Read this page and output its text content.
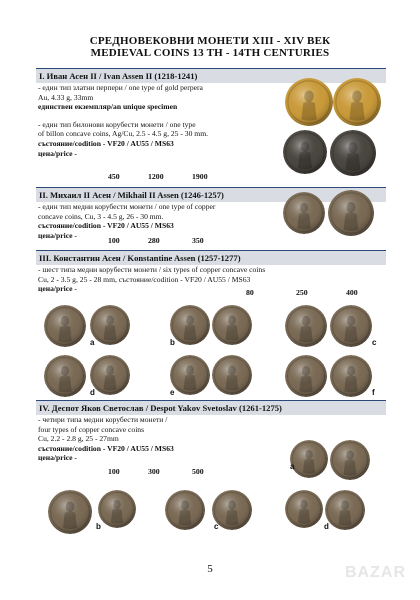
СРЕДНОВЕКОВНИ МОНЕТИ XIII - XIV ВЕК
MEDIEVAL COINS 13 TH - 14TH CENTURIES
I. Иван Асен II / Ivan Assen II (1218-1241)
- един тип златни перпери / one type of gold perpera
Au, 4.33 g, 33mm
единствен екземпляр/an unique specimen
- един тип билонови корубести монети / one type
of billon concave coins, Ag/Cu, 2.5 - 4.5 g, 25 - 30 mm.
състояние/codition - VF20 / AU55 / MS63
цена/price -
450	1200	1900
II. Михаил II Асен / Mikhail II Assen (1246-1257)
- един тип медни корубести монети / one type of copper
concave coins, Cu, 3 - 4.5 g, 26 - 30 mm.
състояние/codition - VF20 / AU55 / MS63
цена/price -
100	280	350
III. Константин Асен / Konstantine Assen (1257-1277)
- шест типа медни корубести монети / six types of copper concave coins
Cu, 2 - 3.5 g, 25 - 28 mm, състояние/codition - VF20 / AU55 / MS63
цена/price -	80	250	400
IV. Деспот Яков Светослав / Despot Yakov Svetoslav (1261-1275)
- четири типа медни корубести монети /
four types of copper concave coins
Cu, 2.2 - 2.8 g, 25 - 27mm
състояние/codition - VF20 / AU55 / MS63
цена/price -
100	300	500
a	b	c
d	e	f
a
b	c	d
5	BAZAR
